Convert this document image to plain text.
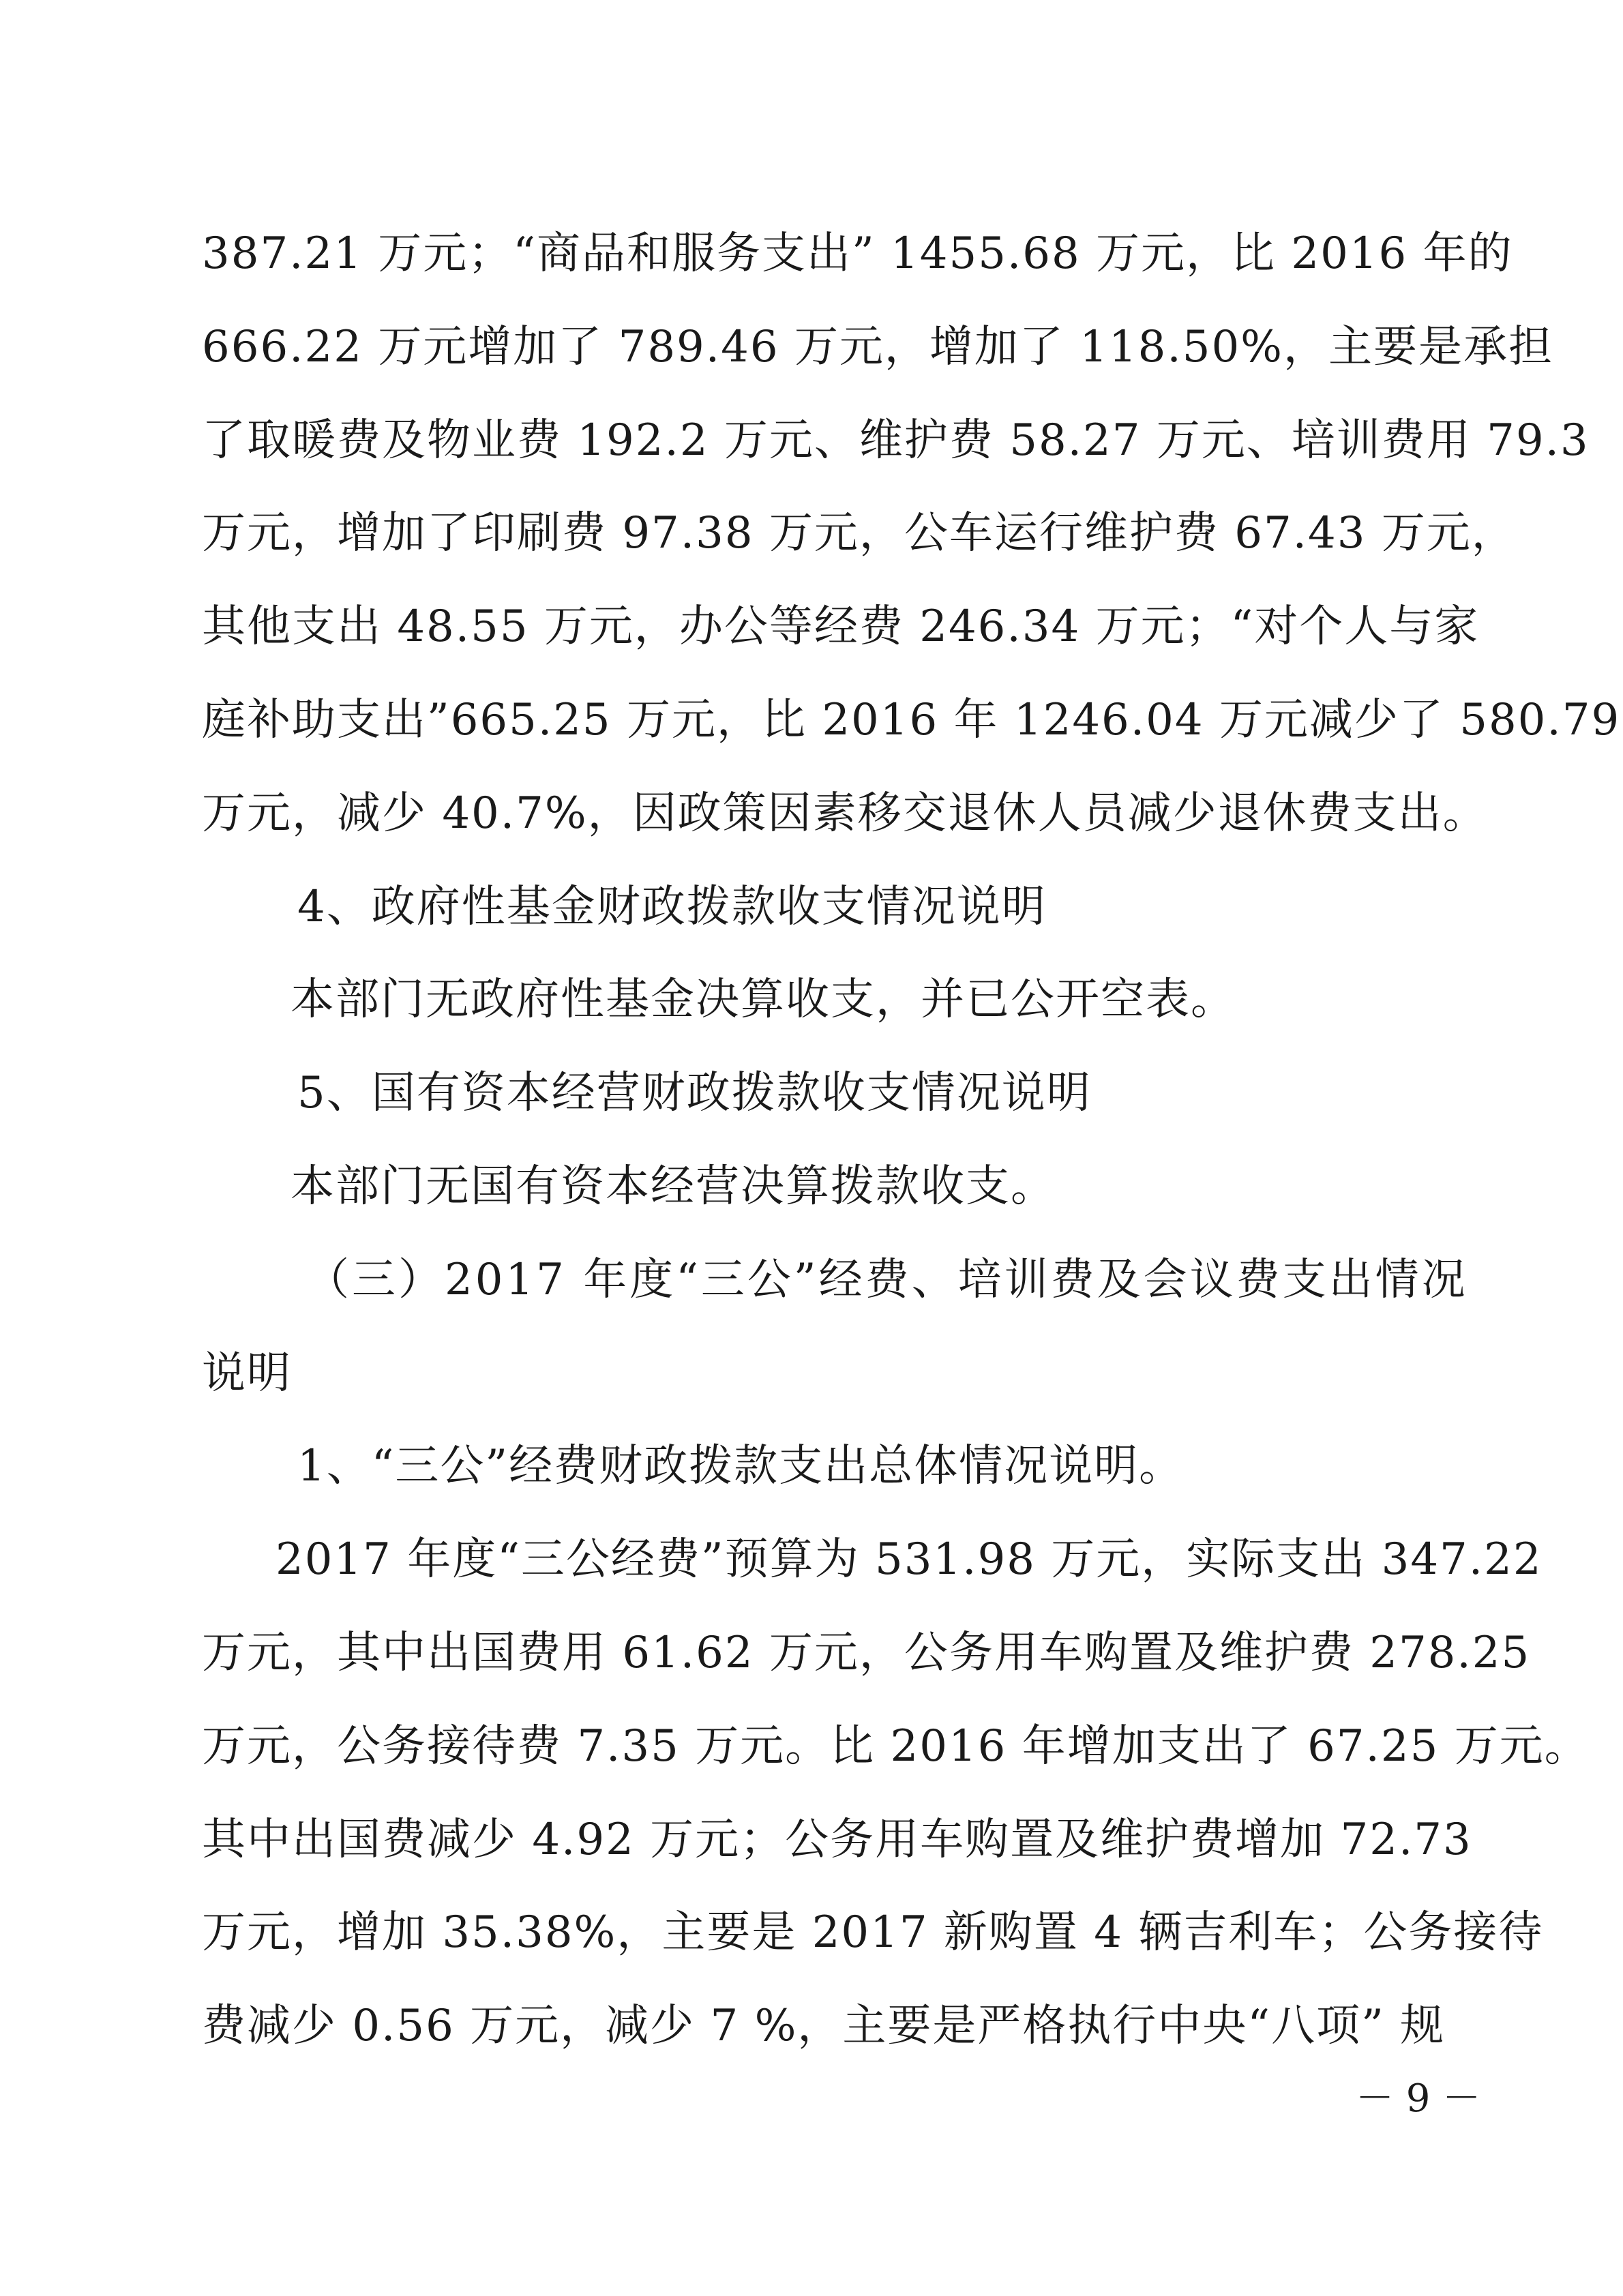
387.21 万元；“商品和服务支出” 1455.68 万元，比 2016 年的
666.22 万元增加了 789.46 万元，增加了 118.50%，主要是承担
了取暖费及物业费 192.2 万元、维护费 58.27 万元、培训费用 79.3
万元，增加了印刷费 97.38 万元，公车运行维护费 67.43 万元，
其他支出 48.55 万元，办公等经费 246.34 万元；“对个人与家
庭补助支出”665.25 万元，比 2016 年 1246.04 万元减少了 580.79
万元，减少 40.7%，因政策因素移交退休人员减少退休费支出。
4、政府性基金财政拨款收支情况说明
本部门无政府性基金决算收支，并已公开空表。
5、国有资本经营财政拨款收支情况说明
本部门无国有资本经营决算拨款收支。
（三）2017 年度“三公”经费、培训费及会议费支出情况
说明
1、“三公”经费财政拨款支出总体情况说明。
2017 年度“三公经费”预算为 531.98 万元，实际支出 347.22
万元，其中出国费用 61.62 万元，公务用车购置及维护费 278.25
万元，公务接待费 7.35 万元。比 2016 年增加支出了 67.25 万元。
其中出国费减少 4.92 万元；公务用车购置及维护费增加 72.73
万元，增加 35.38%，主要是 2017 新购置 4 辆吉利车；公务接待
费减少 0.56 万元，减少 7 %，主要是严格执行中央“八项” 规
－ 9 －
